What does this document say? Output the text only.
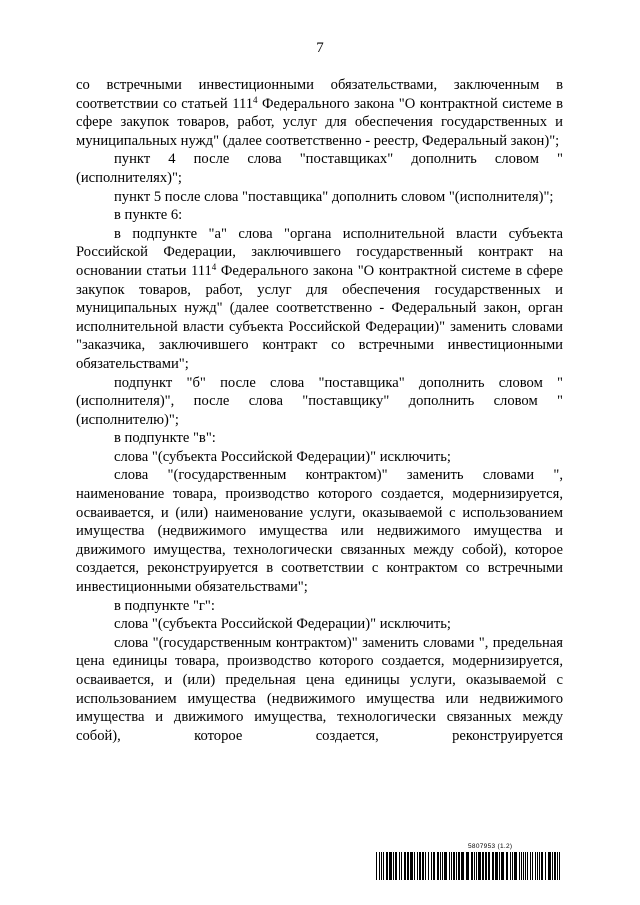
7

со встречными инвестиционными обязательствами, заключенным в соответствии со статьей $111^4$ Федерального закона "О контрактной системе в сфере закупок товаров, работ, услуг для обеспечения государственных и муниципальных нужд" (далее соответственно - реестр, Федеральный закон)";

пункт 4 после слова "поставщиках" дополнить словом "(исполнителях)";

пункт 5 после слова "поставщика" дополнить словом "(исполнителя)";

в пункте 6:

в подпункте "а" слова "органа исполнительной власти субъекта Российской Федерации, заключившего государственный контракт на основании статьи $111^4$ Федерального закона "О контрактной системе в сфере закупок товаров, работ, услуг для обеспечения государственных и муниципальных нужд" (далее соответственно - Федеральный закон, орган исполнительной власти субъекта Российской Федерации)" заменить словами "заказчика, заключившего контракт со встречными инвестиционными обязательствами";

подпункт "б" после слова "поставщика" дополнить словом "(исполнителя)", после слова "поставщику" дополнить словом "(исполнителю)";

в подпункте "в":

слова "(субъекта Российской Федерации)" исключить;

слова "(государственным контрактом)" заменить словами ", наименование товара, производство которого создается, модернизируется, осваивается, и (или) наименование услуги, оказываемой с использованием имущества (недвижимого имущества или недвижимого имущества и движимого имущества, технологически связанных между собой), которое создается, реконструируется в соответствии с контрактом со встречными инвестиционными обязательствами";

в подпункте "г":

слова "(субъекта Российской Федерации)" исключить;

слова "(государственным контрактом)" заменить словами ", предельная цена единицы товара, производство которого создается, модернизируется, осваивается, и (или) предельная цена единицы услуги, оказываемой с использованием имущества (недвижимого имущества или недвижимого имущества и движимого имущества, технологически связанных между собой), которое создается, реконструируется

5807953 (1.2)
